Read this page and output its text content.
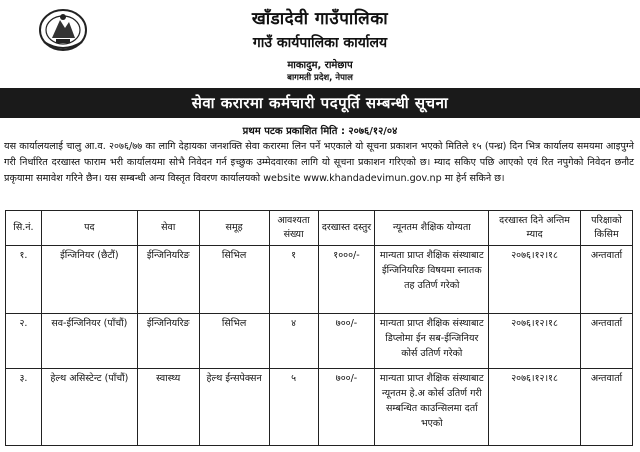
खाँडादेवी गाउँपालिका
गाउँ कार्यपालिका कार्यालय
माकादुम, रामेछाप
बागमती प्रदेश, नेपाल
सेवा करारमा कर्मचारी पदपूर्ति सम्बन्धी सूचना
प्रथम पटक प्रकाशित मिति : २०७६/१२/०४
यस कार्यालयलाई चालु आ.व. २०७६/७७ का लागि देहायका जनशक्ति सेवा करारमा लिन पर्ने भएकाले यो सूचना प्रकाशन भएको मितिले १५ (पन्ध्र) दिन भित्र कार्यालय समयमा आइपुग्ने गरी निर्धारित दरखास्त फाराम भरी कार्यालयमा सोभै निवेदन गर्न इच्छुक उम्मेदवारका लागि यो सूचना प्रकाशन गरिएको छ। म्याद सकिए पछि आएको एवं रित नपुगेको निवेदन छनौट प्रकृयामा समावेश गरिने छैन। यस सम्बन्धी अन्य विस्तृत विवरण कार्यालयको website www.khandadevimun.gov.np मा हेर्न सकिने छ।
सि.नं.	पद	सेवा	समूह	आवश्यता संख्या	दरखास्त दस्तुर	न्यूनतम शैक्षिक योग्यता	दरखास्त दिने अन्तिम म्याद	परिक्षाको किसिम
१.	ईन्जिनियर (छैटौं)	ईन्जिनियरिङ	सिभिल	१	१०००/-	मान्यता प्राप्त शैक्षिक संस्थाबाट ईन्जिनियरिङ विषयमा स्नातक तह उतिर्ण गरेको	२०७६।१२।१८	अन्तवार्ता
२.	सव-ईन्जिनियर (पाँचौं)	ईन्जिनियरिङ	सिभिल	४	७००/-	मान्यता प्राप्त शैक्षिक संस्थाबाट डिप्लोमा ईन सब-ईन्जिनियर कोर्स उतिर्ण गरेको	२०७६।१२।१८	अन्तवार्ता
३.	हेल्थ असिस्टेन्ट (पाँचौं)	स्वास्थ्य	हेल्थ ईन्सपेक्सन	५	७००/-	मान्यता प्राप्त शैक्षिक संस्थाबाट न्यूनतम हे.अ कोर्स उतिर्ण गरी सम्बन्धित काउन्सिलमा दर्ता भएको	२०७६।१२।१८	अन्तवार्ता
